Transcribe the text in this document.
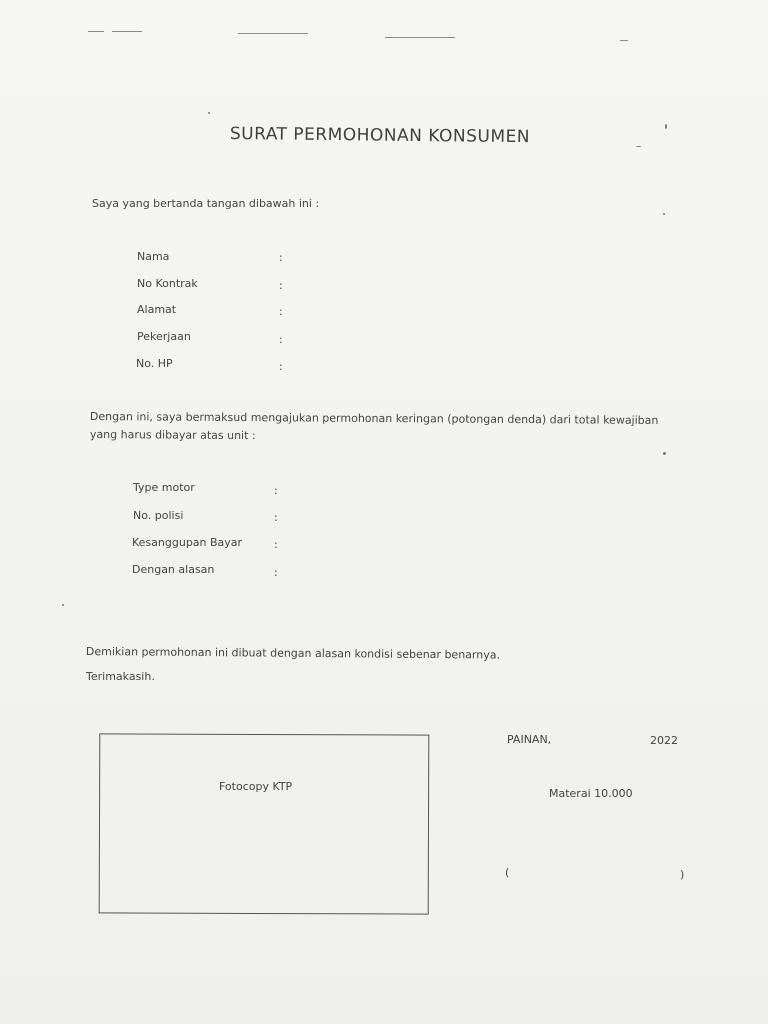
SURAT PERMOHONAN KONSUMEN
Saya yang bertanda tangan dibawah ini :
Nama	:
No Kontrak	:
Alamat	:
Pekerjaan	:
No. HP	:
Dengan ini, saya bermaksud mengajukan permohonan keringan (potongan denda) dari total kewajiban
yang harus dibayar atas unit :
Type motor	:
No. polisi	:
Kesanggupan Bayar	:
Dengan alasan	:
Demikian permohonan ini dibuat dengan alasan kondisi sebenar benarnya.
Terimakasih.
Fotocopy KTP
PAINAN,	2022
Materai 10.000
(	)
